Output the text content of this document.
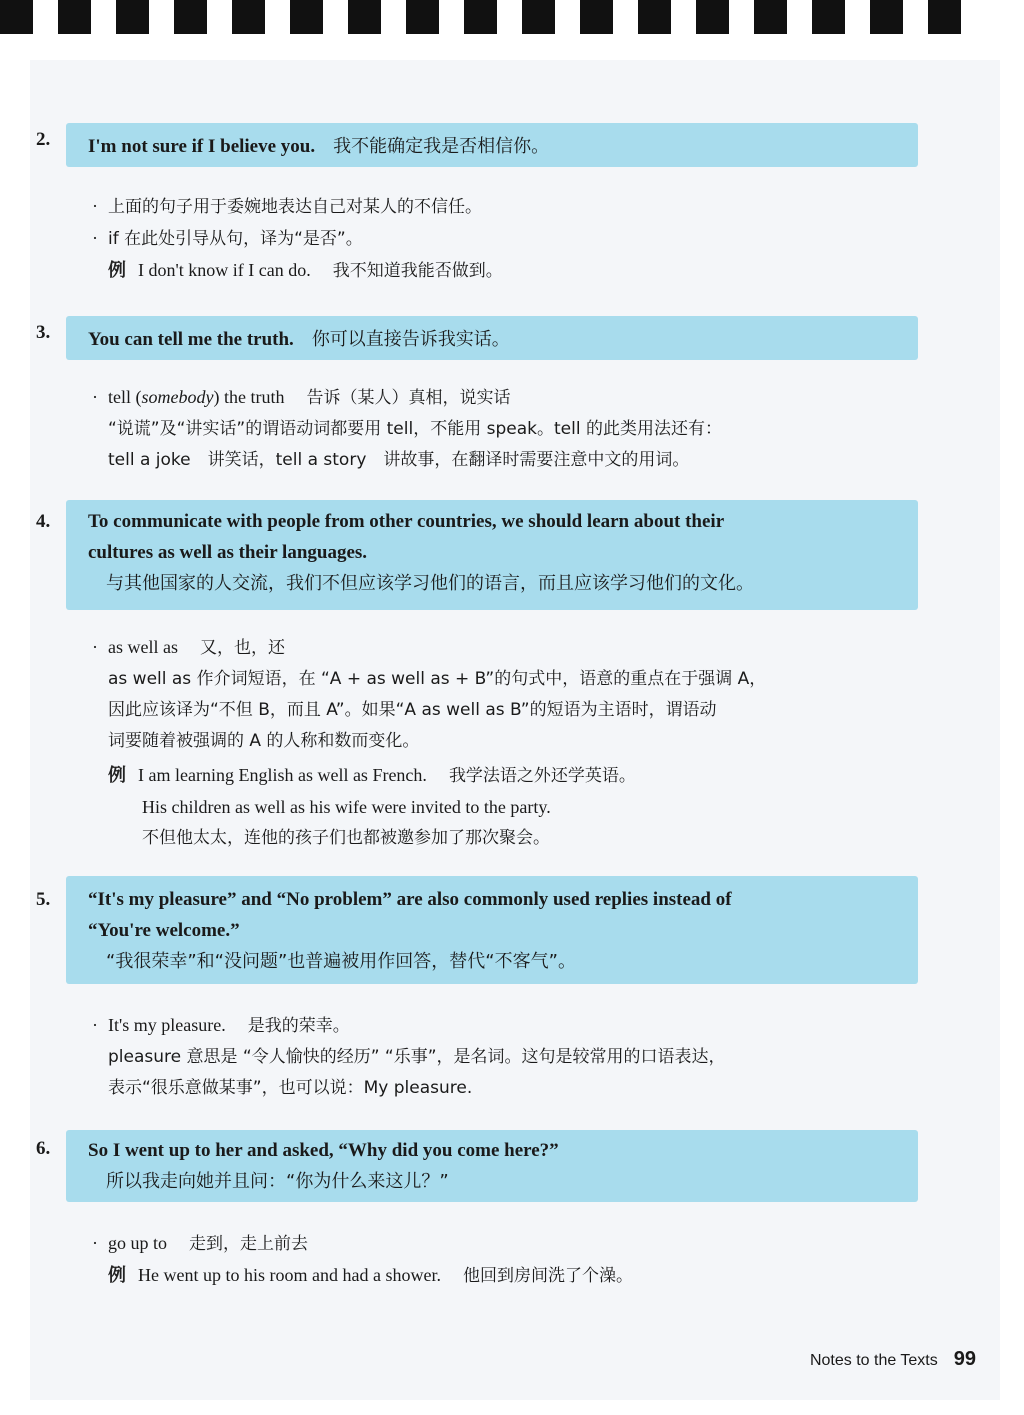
2.	I'm not sure if I believe you. 我不能确定我是否相信你。
· 上面的句子用于委婉地表达自己对某人的不信任。
· if 在此处引导从句，译为“是否”。
例 I don't know if I can do. 我不知道我能否做到。
3.	You can tell me the truth. 你可以直接告诉我实话。
· tell (somebody) the truth 告诉（某人）真相，说实话
“说谎”及“讲实话”的谓语动词都要用 tell，不能用 speak。tell 的此类用法还有：
tell a joke　讲笑话，tell a story　讲故事，在翻译时需要注意中文的用词。
4.	To communicate with people from other countries, we should learn about their
cultures as well as their languages.
与其他国家的人交流，我们不但应该学习他们的语言，而且应该学习他们的文化。
· as well as 又，也，还
as well as 作介词短语，在 “A + as well as + B”的句式中，语意的重点在于强调 A，
因此应该译为“不但 B，而且 A”。如果“A as well as B”的短语为主语时，谓语动
词要随着被强调的 A 的人称和数而变化。
例 I am learning English as well as French. 我学法语之外还学英语。
His children as well as his wife were invited to the party.
不但他太太，连他的孩子们也都被邀参加了那次聚会。
5.	“It's my pleasure” and “No problem” are also commonly used replies instead of
“You're welcome.”
“我很荣幸”和“没问题”也普遍被用作回答，替代“不客气”。
· It's my pleasure. 是我的荣幸。
pleasure 意思是 “令人愉快的经历” “乐事”，是名词。这句是较常用的口语表达，
表示“很乐意做某事”，也可以说：My pleasure.
6.	So I went up to her and asked, “Why did you come here?”
所以我走向她并且问：“你为什么来这儿？”
· go up to 走到，走上前去
例 He went up to his room and had a shower. 他回到房间洗了个澡。
Notes to the Texts 99
